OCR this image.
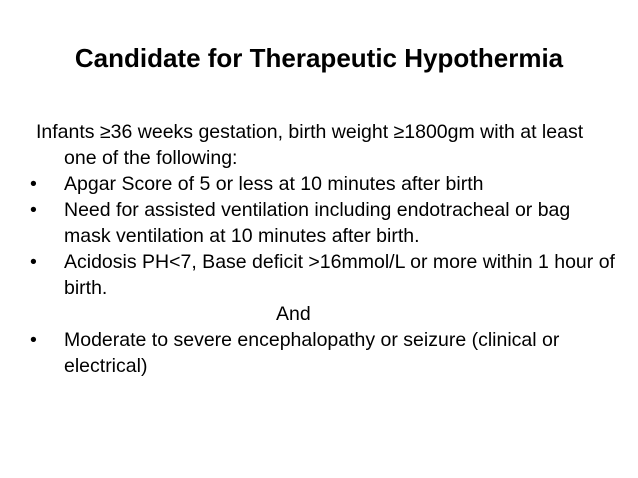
Candidate for Therapeutic Hypothermia

Infants ≥36 weeks gestation, birth weight ≥1800gm with at least one of the following:

•	Apgar Score of 5 or less at 10 minutes after birth

•	Need for assisted ventilation including endotracheal or bag mask ventilation at 10 minutes after birth.

•	Acidosis PH<7, Base deficit >16mmol/L or more within 1 hour of birth.

And

•	Moderate to severe encephalopathy or seizure (clinical or electrical)
